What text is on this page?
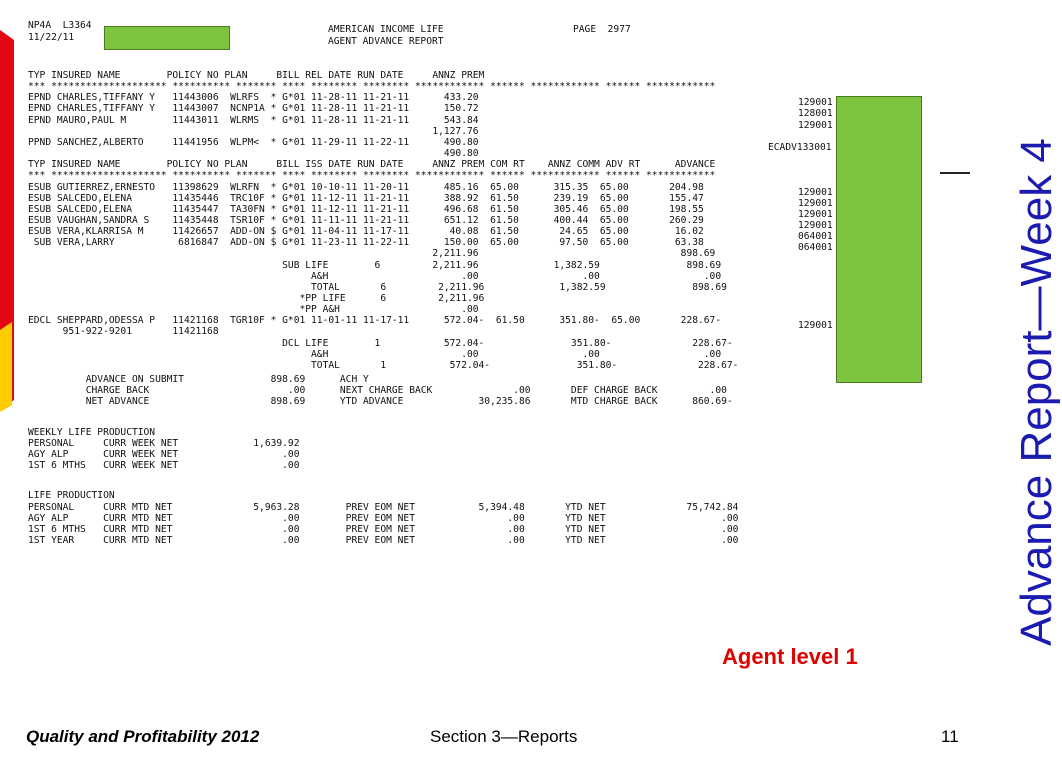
NP4A  L3364
11/22/11
AMERICAN INCOME LIFE
AGENT ADVANCE REPORT
PAGE  2977
TYP INSURED NAME        POLICY NO PLAN     BILL REL DATE RUN DATE     ANNZ PREM
*** ******************** ********** ******* **** ******** ******** ************ ****** ************ ****** ************
EPND CHARLES,TIFFANY Y   11443006  WLRFS  * G*01 11-28-11 11-21-11      433.20
EPND CHARLES,TIFFANY Y   11443007  NCNP1A * G*01 11-28-11 11-21-11      150.72
EPND MAURO,PAUL M        11443011  WLRMS  * G*01 11-28-11 11-21-11      543.84
1,127.76
PPND SANCHEZ,ALBERTO     11441956  WLPM<  * G*01 11-29-11 11-22-11      490.80
490.80
TYP INSURED NAME        POLICY NO PLAN     BILL ISS DATE RUN DATE     ANNZ PREM COM RT    ANNZ COMM ADV RT      ADVANCE
*** ******************** ********** ******* **** ******** ******** ************ ****** ************ ****** ************
ESUB GUTIERREZ,ERNESTO   11398629  WLRFN  * G*01 10-10-11 11-20-11      485.16  65.00      315.35  65.00       204.98
ESUB SALCEDO,ELENA       11435446  TRC10F * G*01 11-12-11 11-21-11      388.92  61.50      239.19  65.00       155.47
ESUB SALCEDO,ELENA       11435447  TA30FN * G*01 11-12-11 11-21-11      496.68  61.50      305.46  65.00       198.55
ESUB VAUGHAN,SANDRA S    11435448  TSR10F * G*01 11-11-11 11-21-11      651.12  61.50      400.44  65.00       260.29
ESUB VERA,KLARRISA M     11426657  ADD-ON $ G*01 11-04-11 11-17-11       40.08  61.50       24.65  65.00        16.02
SUB VERA,LARRY           6816847  ADD-ON $ G*01 11-23-11 11-22-11      150.00  65.00       97.50  65.00        63.38
2,211.96                                   898.69
SUB LIFE        6         2,211.96             1,382.59               898.69
A&H                       .00                  .00                  .00
TOTAL       6         2,211.96             1,382.59               898.69
*PP LIFE      6         2,211.96
*PP A&H                     .00
EDCL SHEPPARD,ODESSA P   11421168  TGR10F * G*01 11-01-11 11-17-11      572.04-  61.50      351.80-  65.00       228.67-
951-922-9201       11421168
DCL LIFE        1           572.04-               351.80-              228.67-
A&H                       .00                  .00                  .00
TOTAL       1           572.04-               351.80-              228.67-
ADVANCE ON SUBMIT               898.69      ACH Y
CHARGE BACK                        .00      NEXT CHARGE BACK              .00       DEF CHARGE BACK         .00
NET ADVANCE                     898.69      YTD ADVANCE             30,235.86       MTD CHARGE BACK      860.69-
WEEKLY LIFE PRODUCTION
PERSONAL     CURR WEEK NET             1,639.92
AGY ALP      CURR WEEK NET                  .00
1ST 6 MTHS   CURR WEEK NET                  .00
LIFE PRODUCTION
PERSONAL     CURR MTD NET              5,963.28        PREV EOM NET           5,394.48       YTD NET              75,742.84
AGY ALP      CURR MTD NET                   .00        PREV EOM NET                .00       YTD NET                    .00
1ST 6 MTHS   CURR MTD NET                   .00        PREV EOM NET                .00       YTD NET                    .00
1ST YEAR     CURR MTD NET                   .00        PREV EOM NET                .00       YTD NET                    .00
129001
128001
129001
ECADV133001
129001
129001
129001
129001
064001
064001
129001	Advance Report—Week 4
Agent level 1
Quality and Profitability 2012	Section 3—Reports	11
